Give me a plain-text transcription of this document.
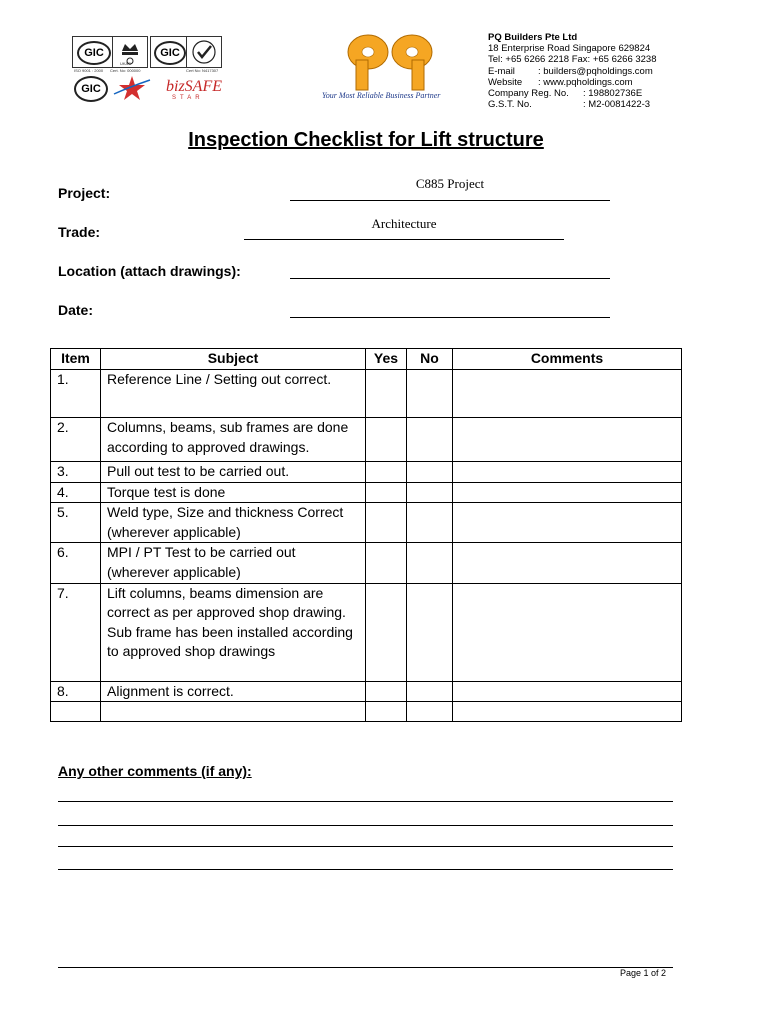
GIC
UKAS
GIC
ISO 9001 : 2000 Cert. No: 000000	Cert No: N417307
GIC	bizSAFE
STAR	Your Most Reliable Business Partner
PQ Builders Pte Ltd
18 Enterprise Road Singapore 629824
Tel: +65 6266 2218 Fax: +65 6266 3238
E-mail : builders@pqholdings.com
Website : www.pqholdings.com
Company Reg. No. : 198802736E
G.S.T. No.	: M2-0081422-3
Inspection Checklist for Lift structure
Project:
C885 Project
Trade:
Architecture
Location (attach drawings):
Date:
Item	Subject	Yes	No	Comments
1.	Reference Line / Setting out correct.			
2.	Columns, beams, sub frames are done according to approved drawings.			
3.	Pull out test to be carried out.			
4.	Torque test is done			
5.	Weld type, Size and thickness Correct (wherever applicable)			
6.	MPI / PT Test to be carried out (wherever applicable)			
7.	Lift columns, beams dimension are correct as per approved shop drawing. Sub frame has been installed according to approved shop drawings			
8.	Alignment is correct.			

Any other comments (if any):
Page 1 of 2
